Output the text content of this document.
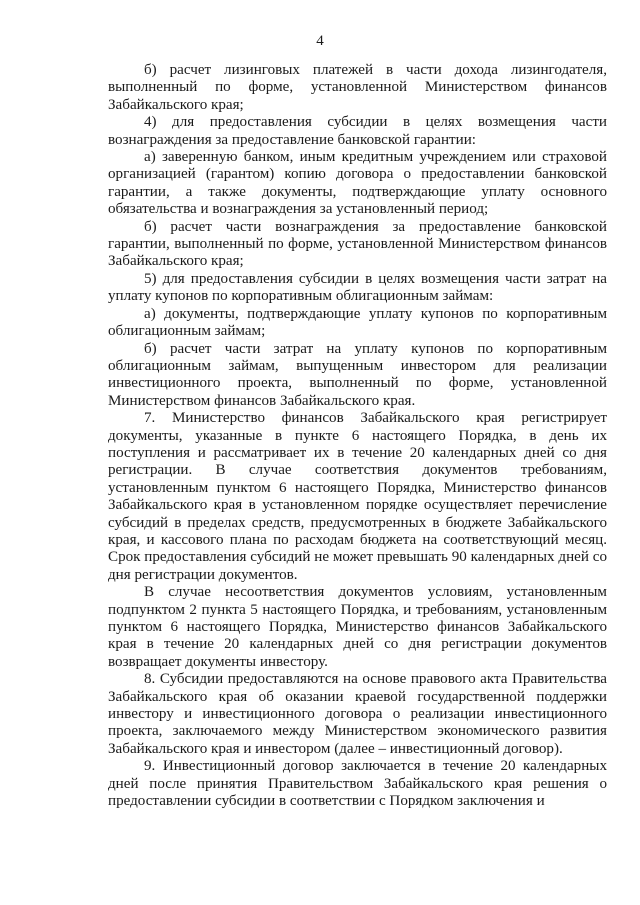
4

б) расчет лизинговых платежей в части дохода лизингодателя, выполненный по форме, установленной Министерством финансов Забайкальского края;

4) для предоставления субсидии в целях возмещения части вознаграждения за предоставление банковской гарантии:

а) заверенную банком, иным кредитным учреждением или страховой организацией (гарантом) копию договора о предоставлении банковской гарантии, а также документы, подтверждающие уплату основного обязательства и вознаграждения за установленный период;

б) расчет части вознаграждения за предоставление банковской гарантии, выполненный по форме, установленной Министерством финансов Забайкальского края;

5) для предоставления субсидии в целях возмещения части затрат на уплату купонов по корпоративным облигационным займам:

а) документы, подтверждающие уплату купонов по корпоративным облигационным займам;

б) расчет части затрат на уплату купонов по корпоративным облигационным займам, выпущенным инвестором для реализации инвестиционного проекта, выполненный по форме, установленной Министерством финансов Забайкальского края.

7. Министерство финансов Забайкальского края регистрирует документы, указанные в пункте 6 настоящего Порядка, в день их поступления и рассматривает их в течение 20 календарных дней со дня регистрации. В случае соответствия документов требованиям, установленным пунктом 6 настоящего Порядка, Министерство финансов Забайкальского края в установленном порядке осуществляет перечисление субсидий в пределах средств, предусмотренных в бюджете Забайкальского края, и кассового плана по расходам бюджета на соответствующий месяц. Срок предоставления субсидий не может превышать 90 календарных дней со дня регистрации документов.

В случае несоответствия документов условиям, установленным подпунктом 2 пункта 5 настоящего Порядка, и требованиям, установленным пунктом 6 настоящего Порядка, Министерство финансов Забайкальского края в течение 20 календарных дней со дня регистрации документов возвращает документы инвестору.

8. Субсидии предоставляются на основе правового акта Правительства Забайкальского края об оказании краевой государственной поддержки инвестору и инвестиционного договора о реализации инвестиционного проекта, заключаемого между Министерством экономического развития Забайкальского края и инвестором (далее – инвестиционный договор).

9. Инвестиционный договор заключается в течение 20 календарных дней после принятия Правительством Забайкальского края решения о предоставлении субсидии в соответствии с Порядком заключения и
